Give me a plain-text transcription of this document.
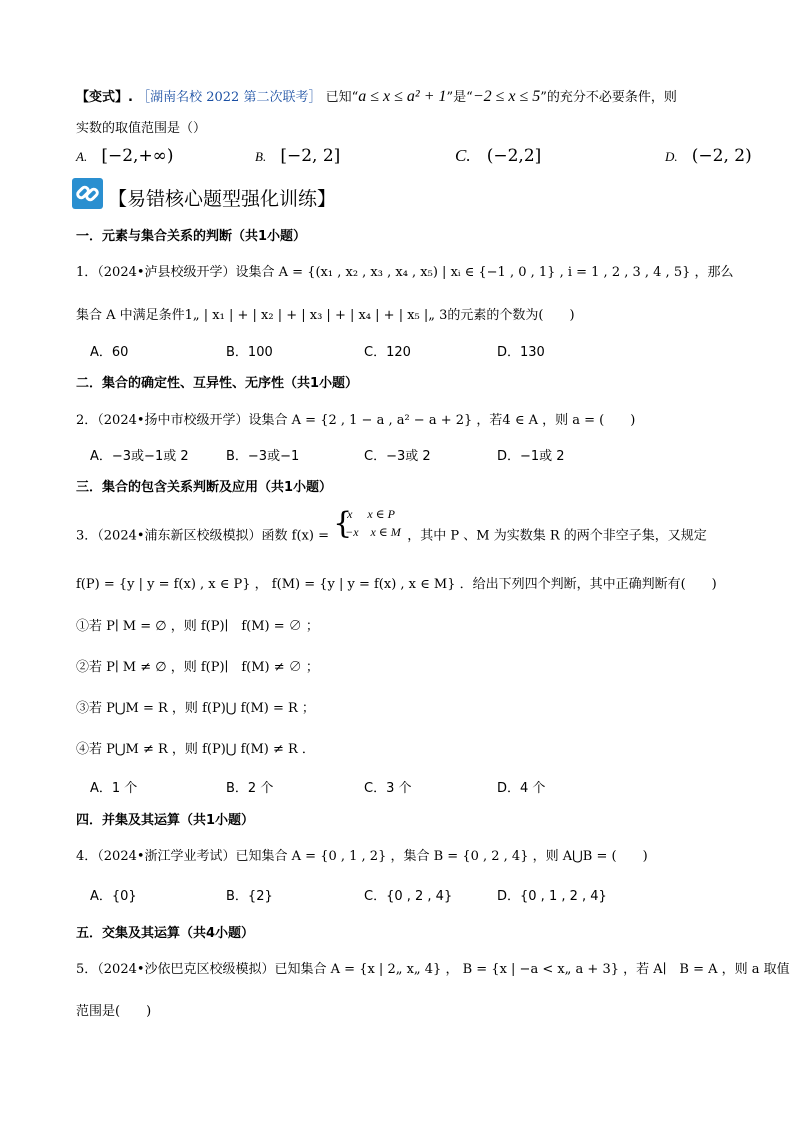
【变式】. ［湖南名校 2022 第二次联考］ 已知“a ≤ x ≤ a² + 1”是“−2 ≤ x ≤ 5”的充分不必要条件，则
实数的取值范围是（）
A. [−2,+∞)	B. [−2, 2]	C. (−2,2]	D. (−2, 2)
【易错核心题型强化训练】
一．元素与集合关系的判断（共1小题）
1．（2024•泸县校级开学）设集合 A = {(x₁ , x₂ , x₃ , x₄ , x₅) | xᵢ ∈ {−1 , 0 , 1} , i = 1 , 2 , 3 , 4 , 5} ，那么
集合 A 中满足条件1„ | x₁ | + | x₂ | + | x₃ | + | x₄ | + | x₅ |„ 3的元素的个数为(　　)
A．60	B．100	C．120	D．130
二．集合的确定性、互异性、无序性（共1小题）
2．（2024•扬中市校级开学）设集合 A = {2 , 1 − a , a² − a + 2} ，若4 ∈ A ，则 a = (　　)
A．−3或−1或 2	B．−3或−1	C．−3或 2	D．−1或 2
三．集合的包含关系判断及应用（共1小题）
3．（2024•浦东新区校级模拟）函数 f(x) = {
x　 x ∈ P
−x　x ∈ M ，其中 P 、M 为实数集 R 的两个非空子集，又规定
f(P) = {y | y = f(x) , x ∈ P} ， f(M) = {y | y = f(x) , x ∈ M} ．给出下列四个判断，其中正确判断有(　　)
①若 P∣ M = ∅ ，则 f(P)∣　f(M) = ∅ ；
②若 P∣ M ≠ ∅ ，则 f(P)∣　f(M) ≠ ∅ ；
③若 P⋃M = R ，则 f(P)⋃ f(M) = R ；
④若 P⋃M ≠ R ，则 f(P)⋃ f(M) ≠ R ．
A．1 个	B．2 个	C．3 个	D．4 个
四．并集及其运算（共1小题）
4．（2024•浙江学业考试）已知集合 A = {0 , 1 , 2} ，集合 B = {0 , 2 , 4} ，则 A⋃B = (　　)
A．{0}	B．{2}	C．{0 , 2 , 4}	D．{0 , 1 , 2 , 4}
五．交集及其运算（共4小题）
5．（2024•沙依巴克区校级模拟）已知集合 A = {x | 2„ x„ 4} ， B = {x | −a < x„ a + 3} ，若 A∣　B = A ，则 a 取值
范围是(　　)
